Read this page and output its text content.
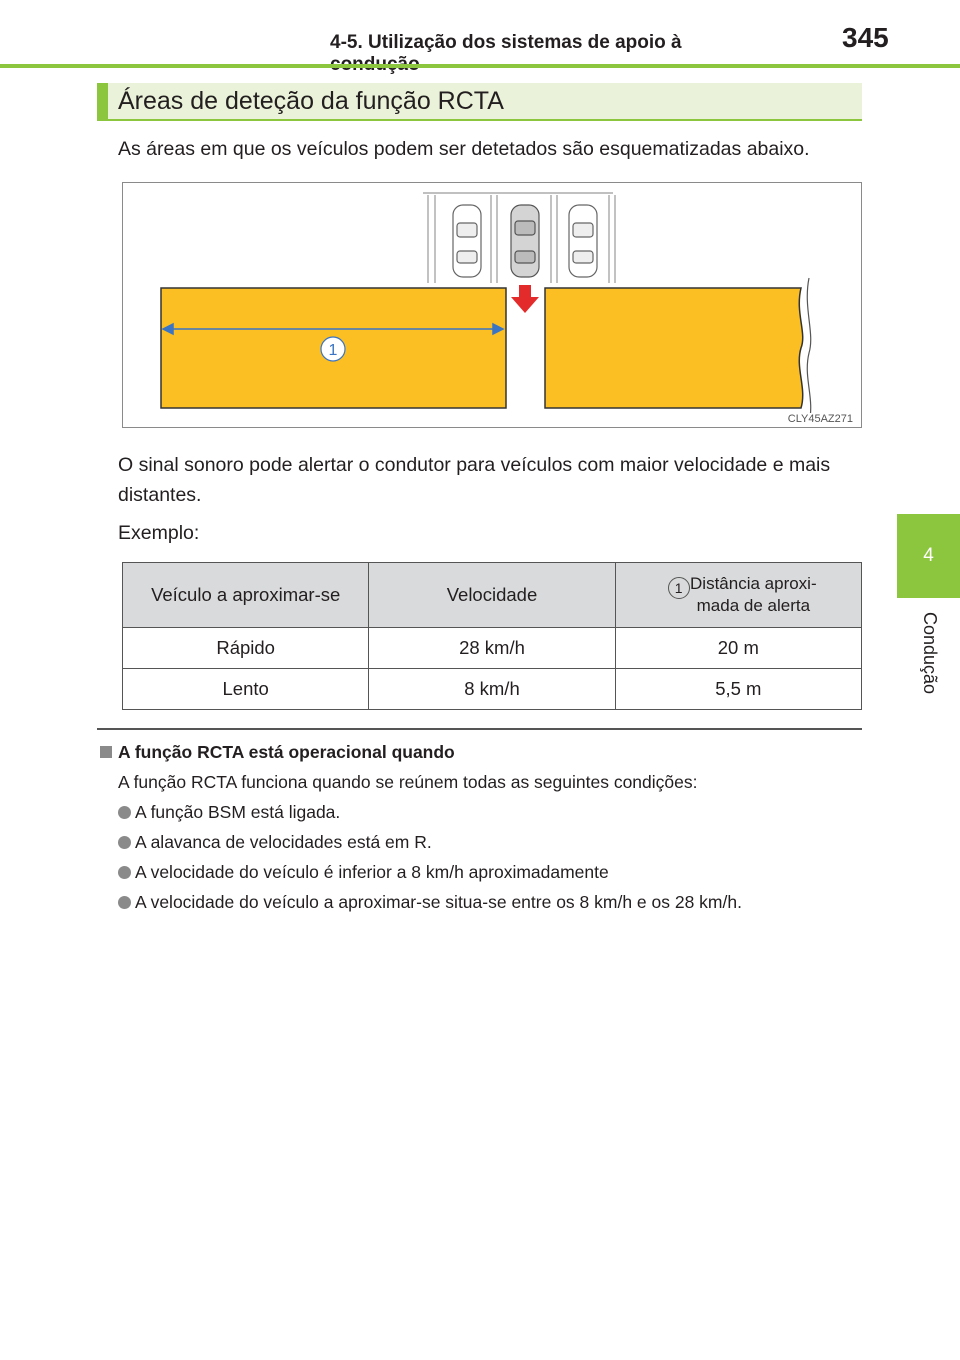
4-5. Utilização dos sistemas de apoio à	345
4
Condução
Áreas de deteção da função RCTA
As áreas em que os veículos podem ser detetados são esquematizadas abaixo.
1
CLY45AZ271
O sinal sonoro pode alertar o condutor para veículos com maior velocidade e mais distantes.
Exemplo:
Veículo a aproximar-se	Velocidade	1 Distância aproxi-
mada de alerta

Rápido	28 km/h	20 m
Lento	8 km/h	5,5 m
A função RCTA está operacional quando
A função RCTA funciona quando se reúnem todas as seguintes condições:
A função BSM está ligada.
A alavanca de velocidades está em R.
A velocidade do veículo é inferior a 8 km/h aproximadamente
A velocidade do veículo a aproximar-se situa-se entre os 8 km/h e os 28 km/h.
